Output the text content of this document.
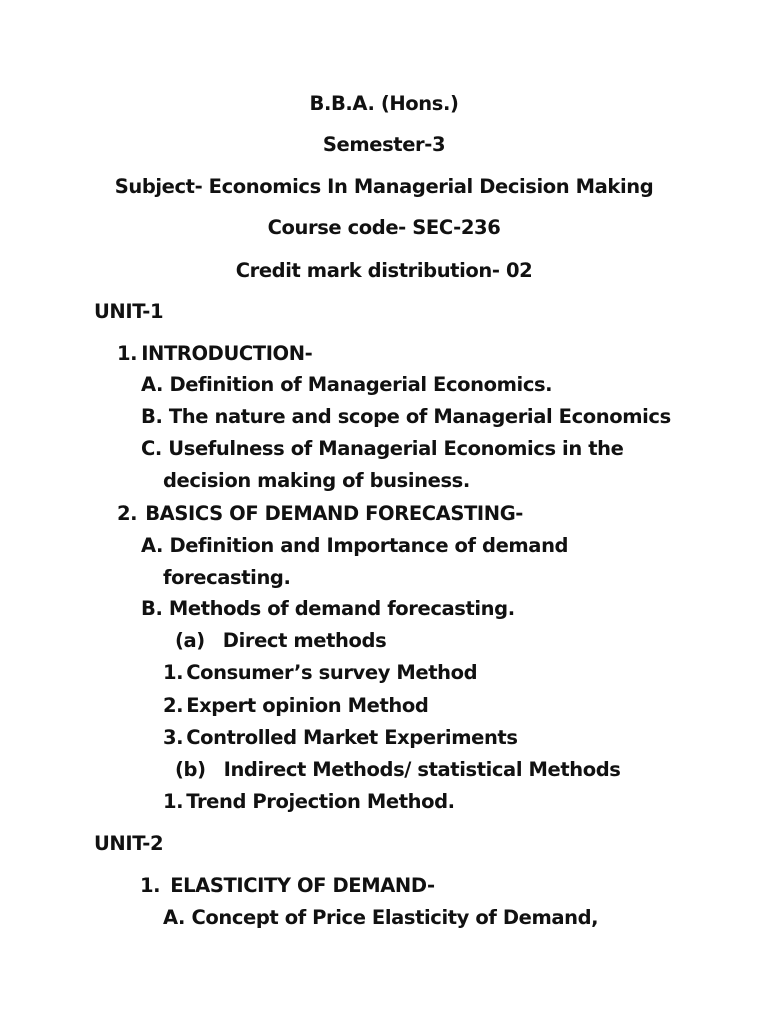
B.B.A. (Hons.)
Semester-3
Subject- Economics In Managerial Decision Making
Course code- SEC-236
Credit mark distribution- 02
UNIT-1
1. INTRODUCTION-
A. Definition of Managerial Economics.
B. The nature and scope of Managerial Economics
C. Usefulness of Managerial Economics in the
decision making of business.
2. BASICS OF DEMAND FORECASTING-
A. Definition and Importance of demand
forecasting.
B. Methods of demand forecasting.
(a) Direct methods
1. Consumer’s survey Method
2. Expert opinion Method
3. Controlled Market Experiments
(b) Indirect Methods/ statistical Methods
1. Trend Projection Method.
UNIT-2
1. ELASTICITY OF DEMAND-
A. Concept of Price Elasticity of Demand,
